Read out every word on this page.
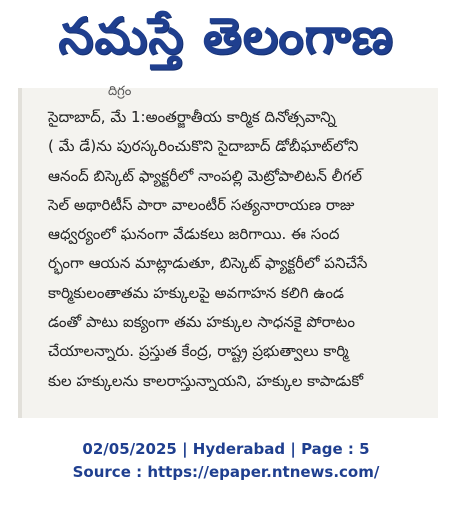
నమస్తే తెలంగాణ
దిగ్రం
సైదాబాద్, మే 1:అంతర్జాతీయ కార్మిక దినోత్సవాన్ని
( మే డే)ను పురస్కరించుకొని సైదాబాద్ డోబీఘాట్‌లోని
ఆనంద్ బిస్కెట్ ఫ్యాక్టరీలో నాంపల్లి మెట్రోపాలిటన్ లీగల్
సెల్ అథారిటీస్ పారా వాలంటీర్ సత్యనారాయణ రాజు
ఆధ్వర్యంలో ఘనంగా వేడుకలు జరిగాయి. ఈ సంద
ర్భంగా ఆయన మాట్లాడుతూ, బిస్కెట్ ఫ్యాక్టరీలో పనిచేసే
కార్మికులంతాతమ హక్కులపై అవగాహన కలిగి ఉండ
డంతో పాటు ఐక్యంగా తమ హక్కుల సాధనకై పోరాటం
చేయాలన్నారు. ప్రస్తుత కేంద్ర, రాష్ట్ర ప్రభుత్వాలు కార్మి
కుల హక్కులను కాలరాస్తున్నాయని, హక్కుల కాపాడుకో
02/05/2025 | Hyderabad | Page : 5
Source : https://epaper.ntnews.com/
